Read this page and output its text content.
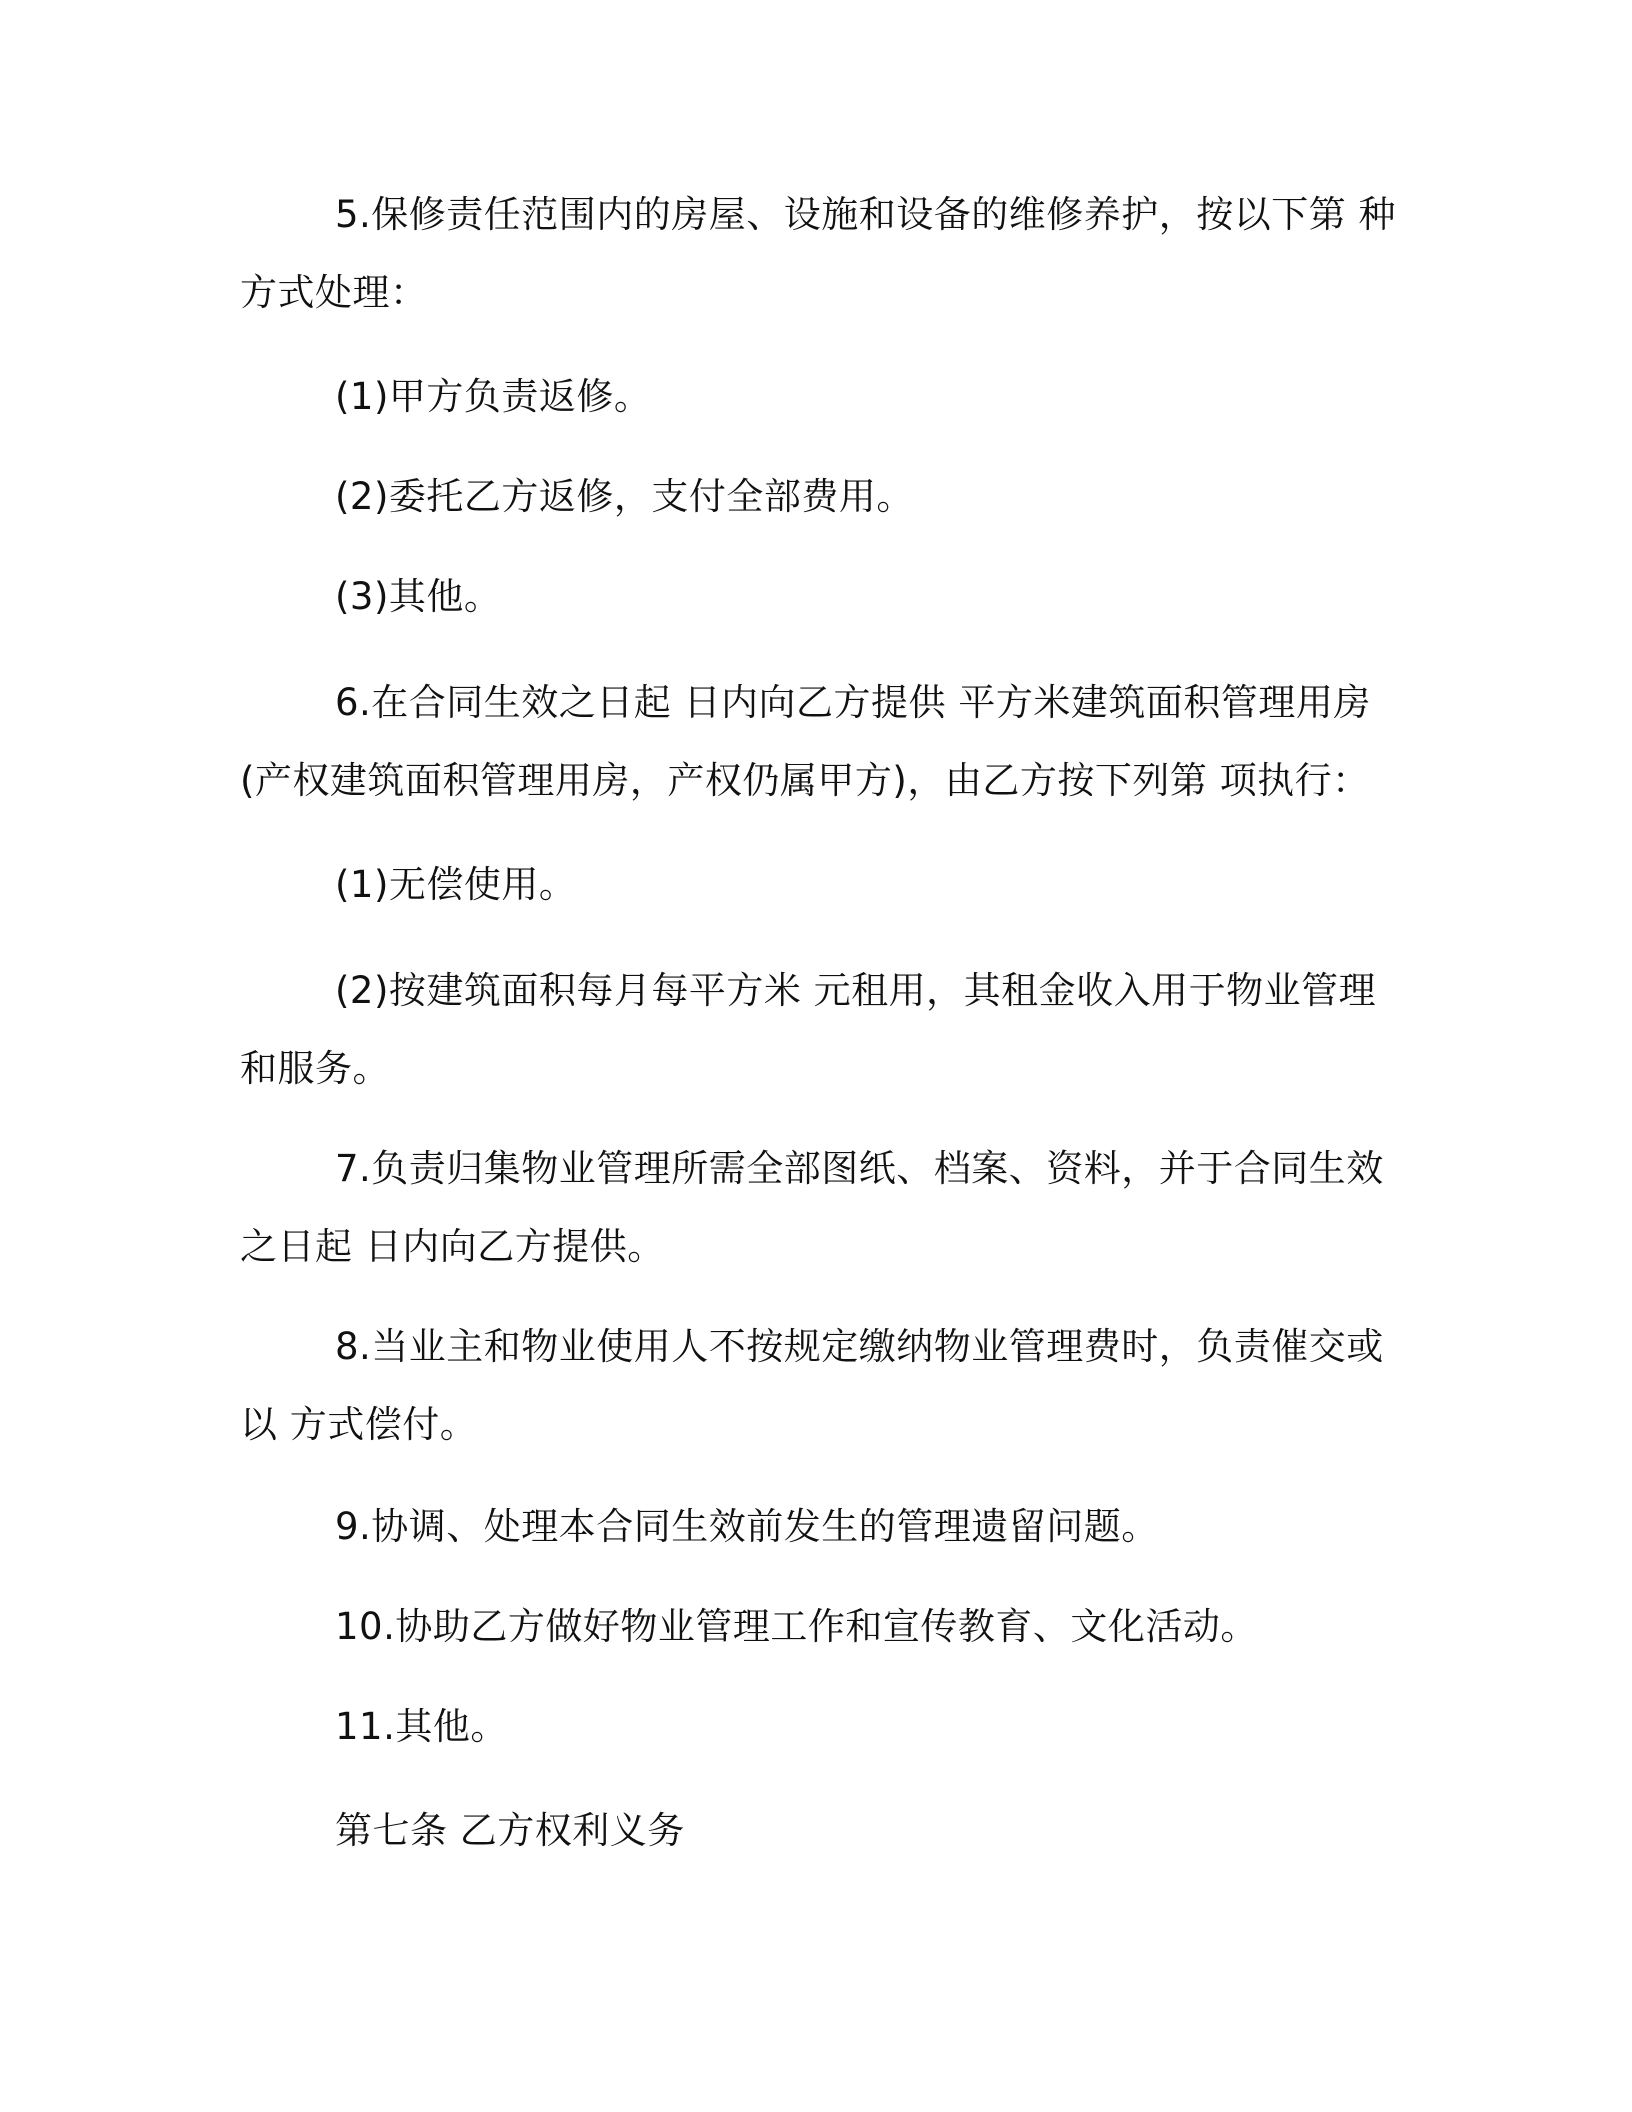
5.保修责任范围内的房屋、设施和设备的维修养护，按以下第 种
方式处理：
(1)甲方负责返修。
(2)委托乙方返修，支付全部费用。
(3)其他。
6.在合同生效之日起 日内向乙方提供 平方米建筑面积管理用房
(产权建筑面积管理用房，产权仍属甲方)，由乙方按下列第 项执行：
(1)无偿使用。
(2)按建筑面积每月每平方米 元租用，其租金收入用于物业管理
和服务。
7.负责归集物业管理所需全部图纸、档案、资料，并于合同生效
之日起 日内向乙方提供。
8.当业主和物业使用人不按规定缴纳物业管理费时，负责催交或
以 方式偿付。
9.协调、处理本合同生效前发生的管理遗留问题。
10.协助乙方做好物业管理工作和宣传教育、文化活动。
11.其他。
第七条 乙方权利义务
